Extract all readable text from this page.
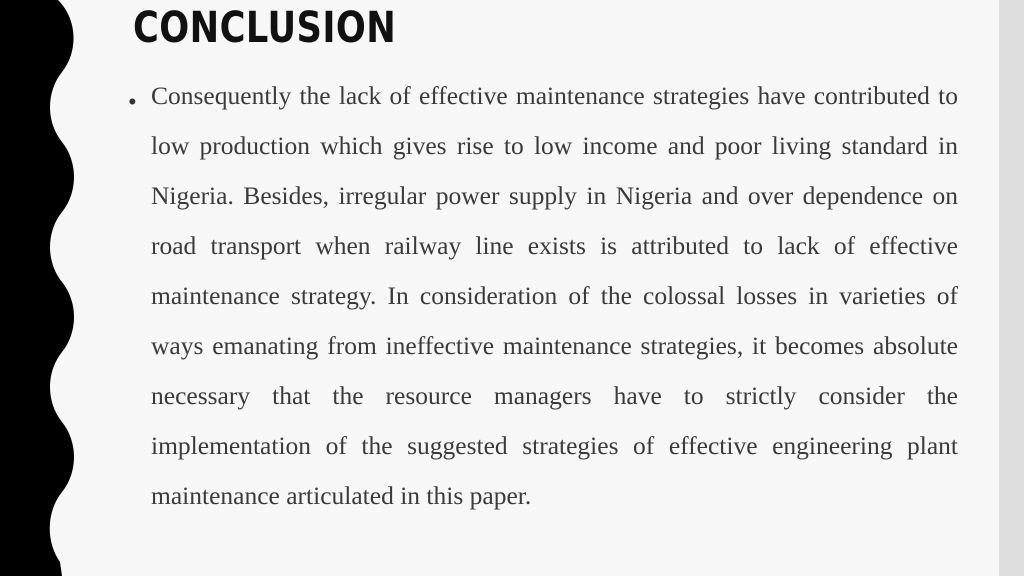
CONCLUSION
• Consequently the lack of effective maintenance strategies have contributed to low production which gives rise to low income and poor living standard in Nigeria. Besides, irregular power supply in Nigeria and over dependence on road transport when railway line exists is attributed to lack of effective maintenance strategy. In consideration of the colossal losses in varieties of ways emanating from ineffective maintenance strategies, it becomes absolute necessary that the resource managers have to strictly consider the implementation of the suggested strategies of effective engineering plant maintenance articulated in this paper.
